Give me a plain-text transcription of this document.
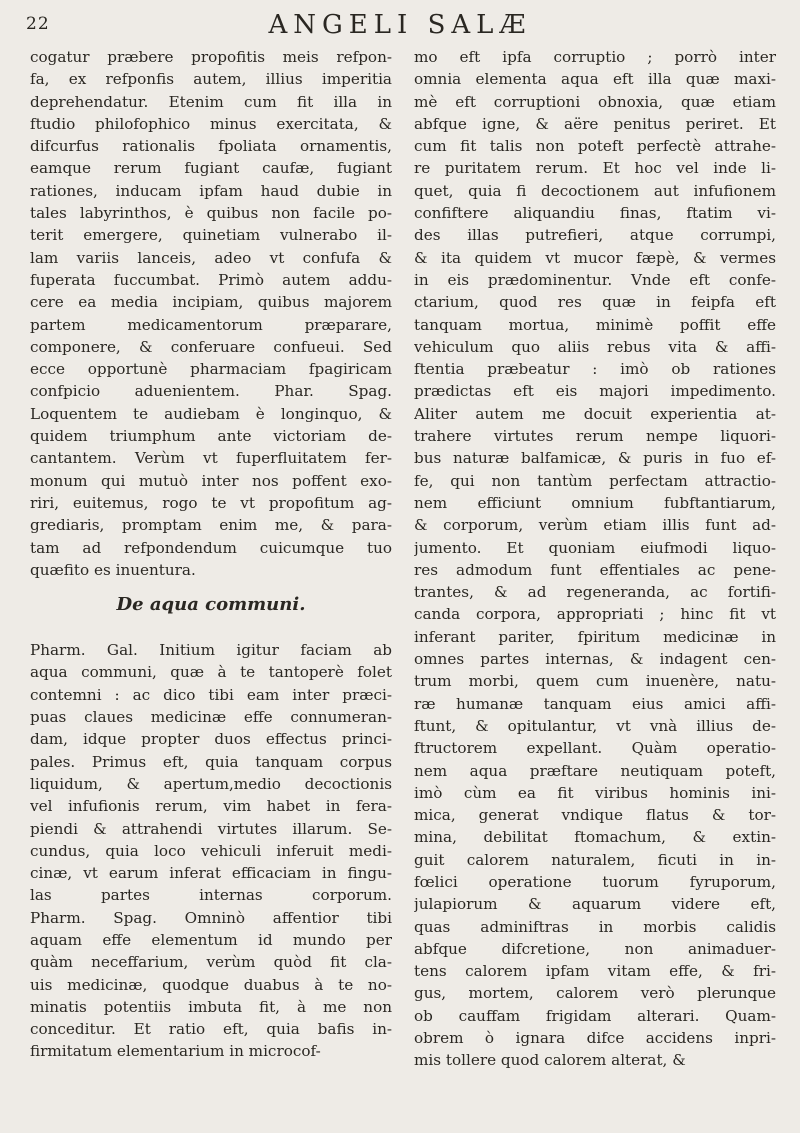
22	ANGELI SALÆ
cogatur præbere propofitis meis refpon-
fa, ex refponfis autem, illius imperitia
deprehendatur. Etenim cum fit illa in
ftudio philofophico minus exercitata, &
difcurfus rationalis fpoliata ornamentis,
eamque rerum fugiant caufæ, fugiant
rationes, inducam ipfam haud dubie in
tales labyrinthos, è quibus non facile po-
terit emergere, quinetiam vulnerabo il-
lam variis lanceis, adeo vt confufa &
fuperata fuccumbat. Primò autem addu-
cere ea media incipiam, quibus majorem
partem medicamentorum præparare,
componere, & conferuare confueui. Sed
ecce opportunè pharmaciam fpagiricam
confpicio aduenientem. Phar. Spag.
Loquentem te audiebam è longinquo, &
quidem triumphum ante victoriam de-
cantantem. Verùm vt fuperfluitatem fer-
monum qui mutuò inter nos poffent exo-
riri, euitemus, rogo te vt propofitum ag-
grediaris, promptam enim me, & para-
tam ad refpondendum cuicumque tuo
quæfito es inuentura.
De aqua communi.
Pharm. Gal. Initium igitur faciam ab
aqua communi, quæ à te tantoperè folet
contemni : ac dico tibi eam inter præci-
puas claues medicinæ effe connumeran-
dam, idque propter duos effectus princi-
pales. Primus eft, quia tanquam corpus
liquidum, & apertum,medio decoctionis
vel infufionis rerum, vim habet in fera-
piendi & attrahendi virtutes illarum. Se-
cundus, quia loco vehiculi inferuit medi-
cinæ, vt earum inferat efficaciam in fingu-
las partes internas corporum.
Pharm. Spag. Omninò affentior tibi
aquam effe elementum id mundo per
quàm neceffarium, verùm quòd fit cla-
uis medicinæ, quodque duabus à te no-
minatis potentiis imbuta fit, à me non
conceditur. Et ratio eft, quia bafis in-
firmitatum elementarium in microcof-
mo eft ipfa corruptio ; porrò inter
omnia elementa aqua eft illa quæ maxi-
mè eft corruptioni obnoxia, quæ etiam
abfque igne, & aëre penitus periret. Et
cum fit talis non poteft perfectè attrahe-
re puritatem rerum. Et hoc vel inde li-
quet, quia fi decoctionem aut infufionem
confiftere aliquandiu finas, ftatim vi-
des illas putrefieri, atque corrumpi,
& ita quidem vt mucor fæpè, & vermes
in eis prædominentur. Vnde eft confe-
ctarium, quod res quæ in feipfa eft
tanquam mortua, minimè poffit effe
vehiculum quo aliis rebus vita & affi-
ftentia præbeatur : imò ob rationes
prædictas eft eis majori impedimento.
Aliter autem me docuit experientia at-
trahere virtutes rerum nempe liquori-
bus naturæ balfamicæ, & puris in fuo ef-
fe, qui non tantùm perfectam attractio-
nem efficiunt omnium fubftantiarum,
& corporum, verùm etiam illis funt ad-
jumento. Et quoniam eiufmodi liquo-
res admodum funt effentiales ac pene-
trantes, & ad regeneranda, ac fortifi-
canda corpora, appropriati ; hinc fit vt
inferant pariter, fpiritum medicinæ in
omnes partes internas, & indagent cen-
trum morbi, quem cum inuenère, natu-
ræ humanæ tanquam eius amici affi-
ftunt, & opitulantur, vt vnà illius de-
ftructorem expellant. Quàm operatio-
nem aqua præftare neutiquam poteft,
imò cùm ea fit viribus hominis ini-
mica, generat vndique flatus & tor-
mina, debilitat ftomachum, & extin-
guit calorem naturalem, ficuti in in-
fœlici operatione tuorum fyruporum,
julapiorum & aquarum videre eft,
quas adminiftras in morbis calidis
abfque difcretione, non animaduer-
tens calorem ipfam vitam effe, & fri-
gus, mortem, calorem verò plerunque
ob cauffam frigidam alterari. Quam-
obrem ò ignara difce accidens inpri-
mis tollere quod calorem alterat, &
